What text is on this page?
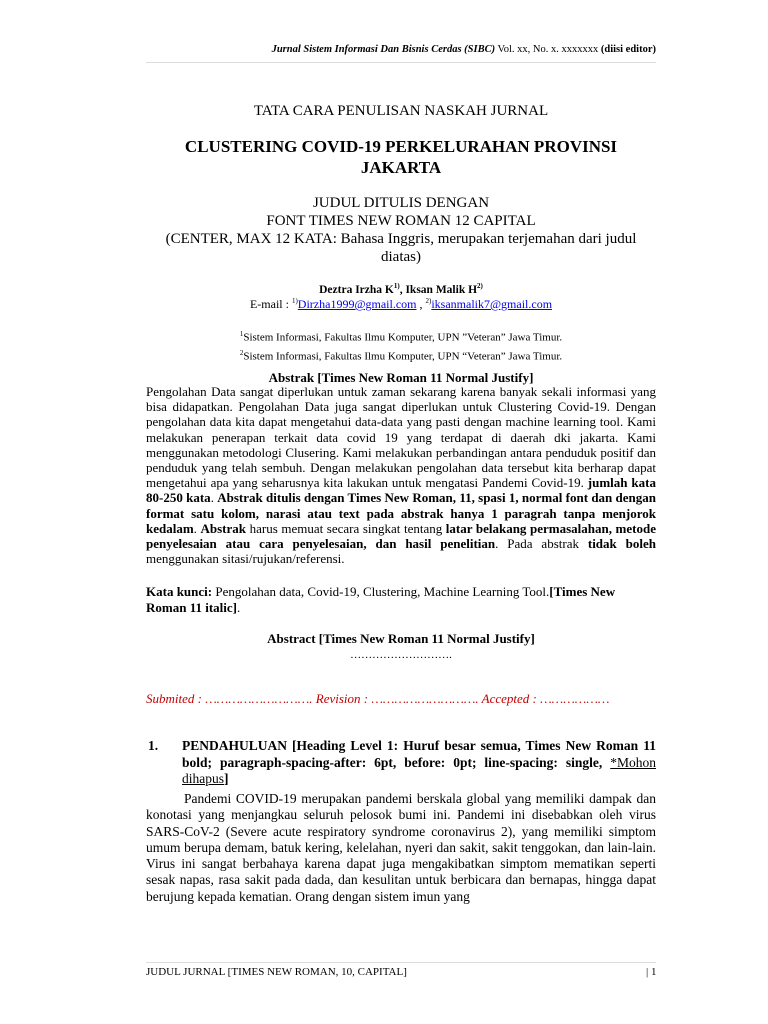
Jurnal Sistem Informasi Dan Bisnis Cerdas (SIBC) Vol. xx, No. x. xxxxxxx (diisi editor)
TATA CARA PENULISAN NASKAH JURNAL
CLUSTERING COVID-19 PERKELURAHAN PROVINSI JAKARTA
JUDUL DITULIS DENGAN
FONT TIMES NEW ROMAN 12 CAPITAL
(CENTER, MAX 12 KATA: Bahasa Inggris, merupakan terjemahan dari judul diatas)
Deztra Irzha $K^{1)}$, Iksan Malik $H^{2)}$
E-mail : $^{1)}$Dirzha1999@gmail.com , $^{2)}$iksanmalik7@gmail.com
$^1$Sistem Informasi, Fakultas Ilmu Komputer, UPN ”Veteran” Jawa Timur.
$^2$Sistem Informasi, Fakultas Ilmu Komputer, UPN “Veteran” Jawa Timur.
Abstrak [Times New Roman 11 Normal Justify]
Pengolahan Data sangat diperlukan untuk zaman sekarang karena banyak sekali informasi yang bisa didapatkan. Pengolahan Data juga sangat diperlukan untuk Clustering Covid-19. Dengan pengolahan data kita dapat mengetahui data-data yang pasti dengan machine learning tool. Kami melakukan penerapan terkait data covid 19 yang terdapat di daerah dki jakarta. Kami menggunakan metodologi Clusering. Kami melakukan perbandingan antara penduduk positif dan penduduk yang telah sembuh. Dengan melakukan pengolahan data tersebut kita berharap dapat mengetahui apa yang seharusnya kita lakukan untuk mengatasi Pandemi Covid-19. jumlah kata 80-250 kata. Abstrak ditulis dengan Times New Roman, 11, spasi 1, normal font dan dengan format satu kolom, narasi atau text pada abstrak hanya 1 paragrah tanpa menjorok kedalam. Abstrak harus memuat secara singkat tentang latar belakang permasalahan, metode penyelesaian atau cara penyelesaian, dan hasil penelitian. Pada abstrak tidak boleh menggunakan sitasi/rujukan/referensi.
Kata kunci: Pengolahan data, Covid-19, Clustering, Machine Learning Tool.[Times New Roman 11 italic].
Abstract [Times New Roman 11 Normal Justify]
……………………….
Submited : ………………………. Revision : ………………………. Accepted : ………………
1. PENDAHULUAN [Heading Level 1: Huruf besar semua, Times New Roman 11 bold; paragraph-spacing-after: 6pt, before: 0pt; line-spacing: single, *Mohon dihapus]
Pandemi COVID-19 merupakan pandemi berskala global yang memiliki dampak dan konotasi yang menjangkau seluruh pelosok bumi ini. Pandemi ini disebabkan oleh virus SARS-CoV-2 (Severe acute respiratory syndrome coronavirus 2), yang memiliki simptom umum berupa demam, batuk kering, kelelahan, nyeri dan sakit, sakit tenggokan, dan lain-lain. Virus ini sangat berbahaya karena dapat juga mengakibatkan simptom mematikan seperti sesak napas, rasa sakit pada dada, dan kesulitan untuk berbicara dan bernapas, hingga dapat berujung kepada kematian. Orang dengan sistem imun yang
JUDUL JURNAL [TIMES NEW ROMAN, 10, CAPITAL]	| 1
